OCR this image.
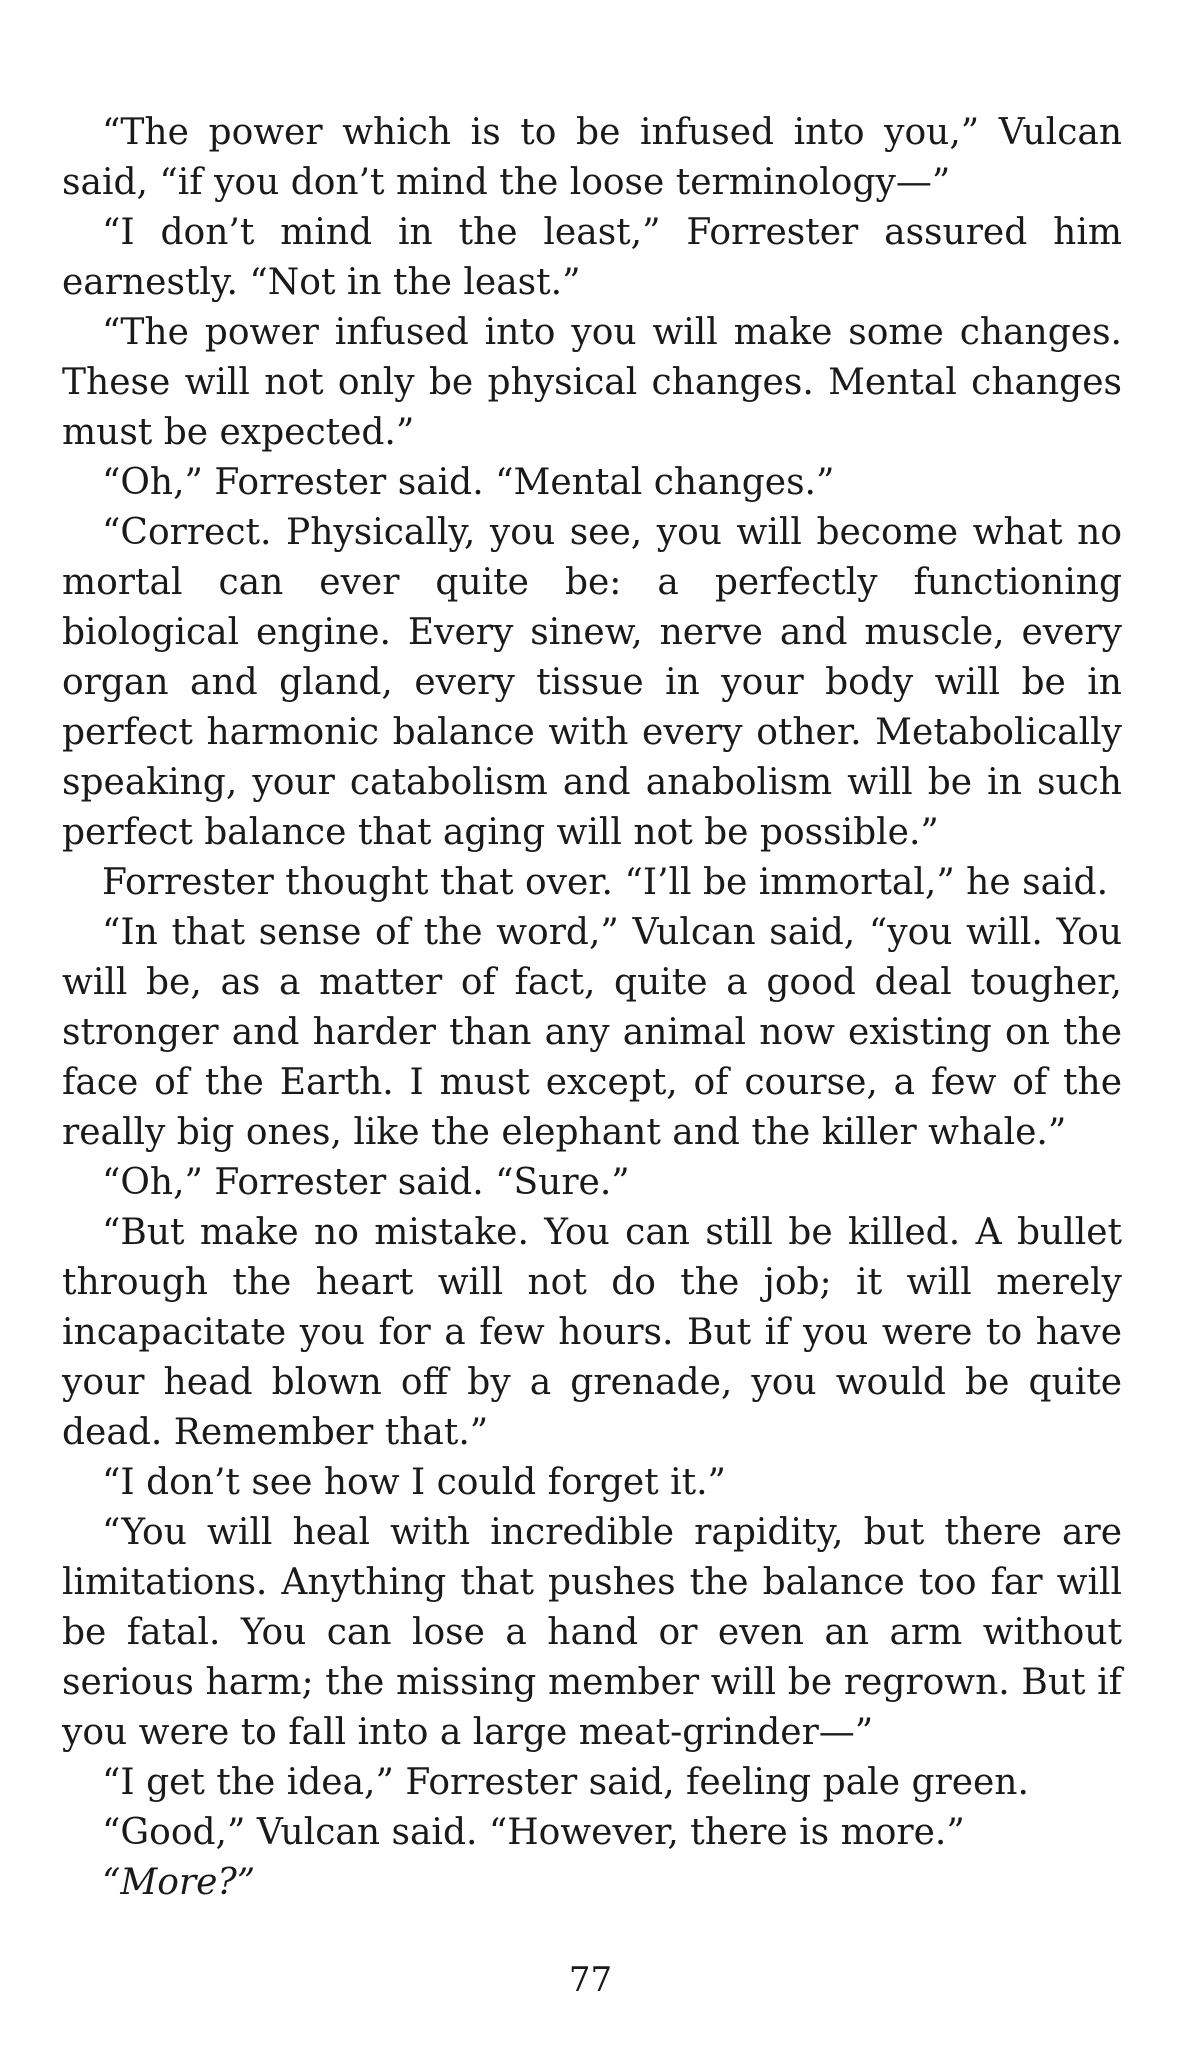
“The power which is to be infused into you,” Vulcan said, “if you don’t mind the loose terminology—”

“I don’t mind in the least,” Forrester assured him earnestly. “Not in the least.”

“The power infused into you will make some changes. These will not only be physical changes. Mental changes must be expected.”

“Oh,” Forrester said. “Mental changes.”

“Correct. Physically, you see, you will become what no mortal can ever quite be: a perfectly functioning biological engine. Every sinew, nerve and muscle, every organ and gland, every tissue in your body will be in perfect harmonic balance with every other. Metabolically speaking, your catabolism and anabolism will be in such perfect balance that aging will not be possible.”

Forrester thought that over. “I’ll be immortal,” he said.

“In that sense of the word,” Vulcan said, “you will. You will be, as a matter of fact, quite a good deal tougher, stronger and harder than any animal now existing on the face of the Earth. I must except, of course, a few of the really big ones, like the elephant and the killer whale.”

“Oh,” Forrester said. “Sure.”

“But make no mistake. You can still be killed. A bullet through the heart will not do the job; it will merely incapacitate you for a few hours. But if you were to have your head blown off by a grenade, you would be quite dead. Remember that.”

“I don’t see how I could forget it.”

“You will heal with incredible rapidity, but there are limitations. Anything that pushes the balance too far will be fatal. You can lose a hand or even an arm without serious harm; the missing member will be regrown. But if you were to fall into a large meat-grinder—”

“I get the idea,” Forrester said, feeling pale green.

“Good,” Vulcan said. “However, there is more.”

“More?”

77
